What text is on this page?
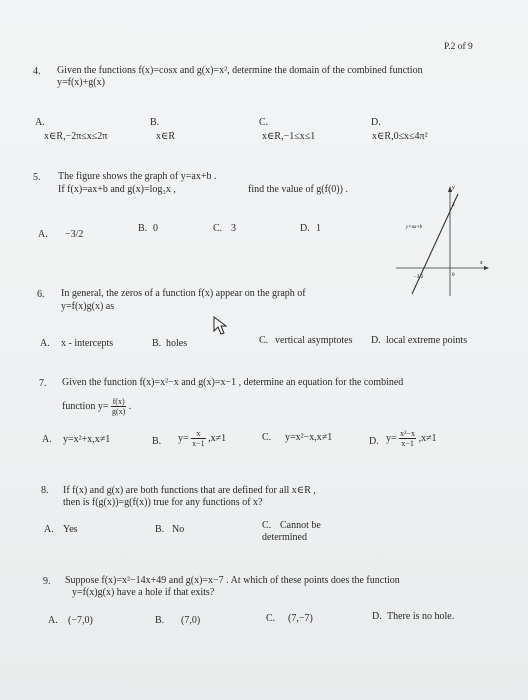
P.2 of 9
4. Given the functions f(x)=cosx and g(x)=x², determine the domain of the combined function y=f(x)+g(x)
A.
x∈R,−2π≤x≤2π
B.
x∈R
C.
x∈R,−1≤x≤1
D.
x∈R,0≤x≤4π²
5. The figure shows the graph of y=ax+b .
If f(x)=ax+b and g(x)=log₃x ,	find the value of g(f(0)) .
A. −3/2
B. 0	C. 3	D. 1
x
y
3
y=ax+b
0
−3/2
6. In general, the zeros of a function f(x) appear on the graph of
y=f(x)g(x) as
A. x - intercepts	B. holes	C. vertical asymptotes D. local extreme points
7. Given the function f(x)=x²−x and g(x)=x−1 , determine an equation for the combined
function $y= \frac{f(x)}{g(x)}$ .
A. y=x²+x,x≠1	B. $y= \frac{x}{x-1} ,x\ne 1$	C. y=x²−x,x≠1	D. $y= \frac{\text{x²−x}}{x-1} ,x\ne 1$
8. If f(x) and g(x) are both functions that are defined for all x∈R ,
then is f(g(x))=g(f(x)) true for any functions of x?
A. Yes	B. No	C. Cannot be
determined
9. Suppose f(x)=x²−14x+49 and g(x)=x−7 . At which of these points does the function
y=f(x)g(x) have a hole if that exits?
A. (−7,0)	B. (7,0)	C. (7,−7)	D. There is no hole.
